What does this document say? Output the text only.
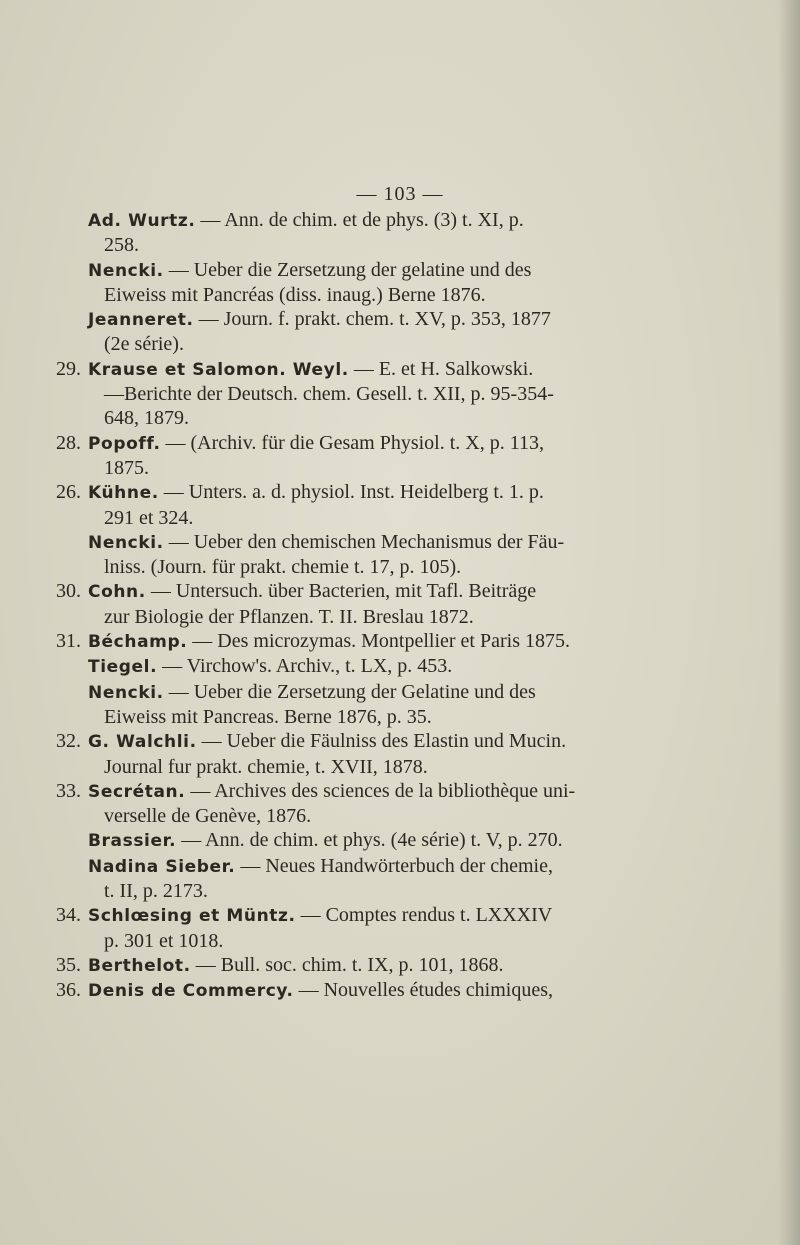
— 103 —
Ad. Wurtz. — Ann. de chim. et de phys. (3) t. XI, p.
258.
Nencki. — Ueber die Zersetzung der gelatine und des
Eiweiss mit Pancréas (diss. inaug.) Berne 1876.
Jeanneret. — Journ. f. prakt. chem. t. XV, p. 353, 1877
(2e série).
29. Krause et Salomon. Weyl. — E. et H. Salkowski.
—Berichte der Deutsch. chem. Gesell. t. XII, p. 95-354-
648, 1879.
28. Popoff. — (Archiv. für die Gesam Physiol. t. X, p. 113,
1875.
26. Kühne. — Unters. a. d. physiol. Inst. Heidelberg t. 1. p.
291 et 324.
Nencki. — Ueber den chemischen Mechanismus der Fäu-
lniss. (Journ. für prakt. chemie t. 17, p. 105).
30. Cohn. — Untersuch. über Bacterien, mit Tafl. Beiträge
zur Biologie der Pflanzen. T. II. Breslau 1872.
31. Béchamp. — Des microzymas. Montpellier et Paris 1875.
Tiegel. — Virchow's. Archiv., t. LX, p. 453.
Nencki. — Ueber die Zersetzung der Gelatine und des
Eiweiss mit Pancreas. Berne 1876, p. 35.
32. G. Walchli. — Ueber die Fäulniss des Elastin und Mucin.
Journal fur prakt. chemie, t. XVII, 1878.
33. Secrétan. — Archives des sciences de la bibliothèque uni-
verselle de Genève, 1876.
Brassier. — Ann. de chim. et phys. (4e série) t. V, p. 270.
Nadina Sieber. — Neues Handwörterbuch der chemie,
t. II, p. 2173.
34. Schlœsing et Müntz. — Comptes rendus t. LXXXIV
p. 301 et 1018.
35. Berthelot. — Bull. soc. chim. t. IX, p. 101, 1868.
36. Denis de Commercy. — Nouvelles études chimiques,
